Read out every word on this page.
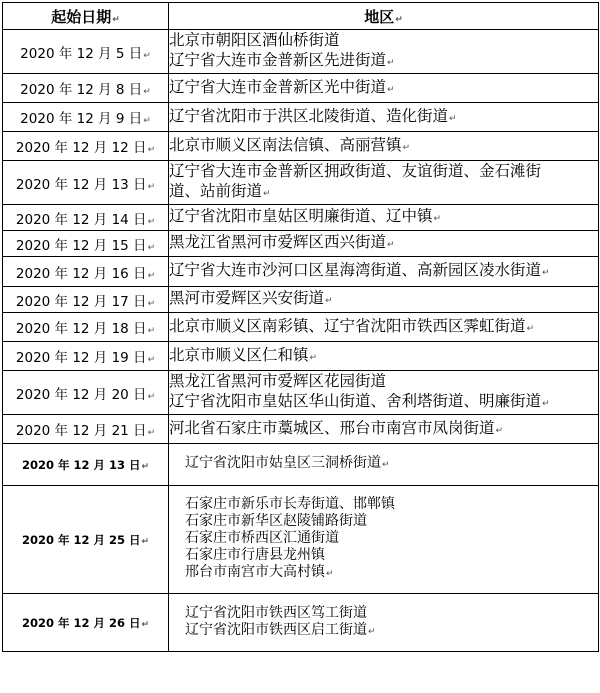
起始日期↵	地区↵
2020 年 12 月 5 日↵	北京市朝阳区酒仙桥街道
辽宁省大连市金普新区先进街道↵

2020 年 12 月 8 日↵	辽宁省大连市金普新区光中街道↵

2020 年 12 月 9 日↵	辽宁省沈阳市于洪区北陵街道、造化街道↵

2020 年 12 月 12 日↵	北京市顺义区南法信镇、高丽营镇↵

2020 年 12 月 13 日↵	辽宁省大连市金普新区拥政街道、友谊街道、金石滩街
道、站前街道↵

2020 年 12 月 14 日↵	辽宁省沈阳市皇姑区明廉街道、辽中镇↵

2020 年 12 月 15 日↵	黑龙江省黑河市爱辉区西兴街道↵

2020 年 12 月 16 日↵	辽宁省大连市沙河口区星海湾街道、高新园区凌水街道↵

2020 年 12 月 17 日↵	黑河市爱辉区兴安街道↵

2020 年 12 月 18 日↵	北京市顺义区南彩镇、辽宁省沈阳市铁西区霁虹街道↵

2020 年 12 月 19 日↵	北京市顺义区仁和镇↵

2020 年 12 月 20 日↵	黑龙江省黑河市爱辉区花园街道
辽宁省沈阳市皇姑区华山街道、舍利塔街道、明廉街道↵

2020 年 12 月 21 日↵	河北省石家庄市藁城区、邢台市南宫市凤岗街道↵

2020 年 12 月 13 日↵	辽宁省沈阳市姑皇区三洞桥街道↵

2020 年 12 月 25 日↵	石家庄市新乐市长寿街道、邯郸镇
石家庄市新华区赵陵铺路街道
石家庄市桥西区汇通街道
石家庄市行唐县龙州镇
邢台市南宫市大高村镇↵

2020 年 12 月 26 日↵	辽宁省沈阳市铁西区笃工街道
辽宁省沈阳市铁西区启工街道↵
